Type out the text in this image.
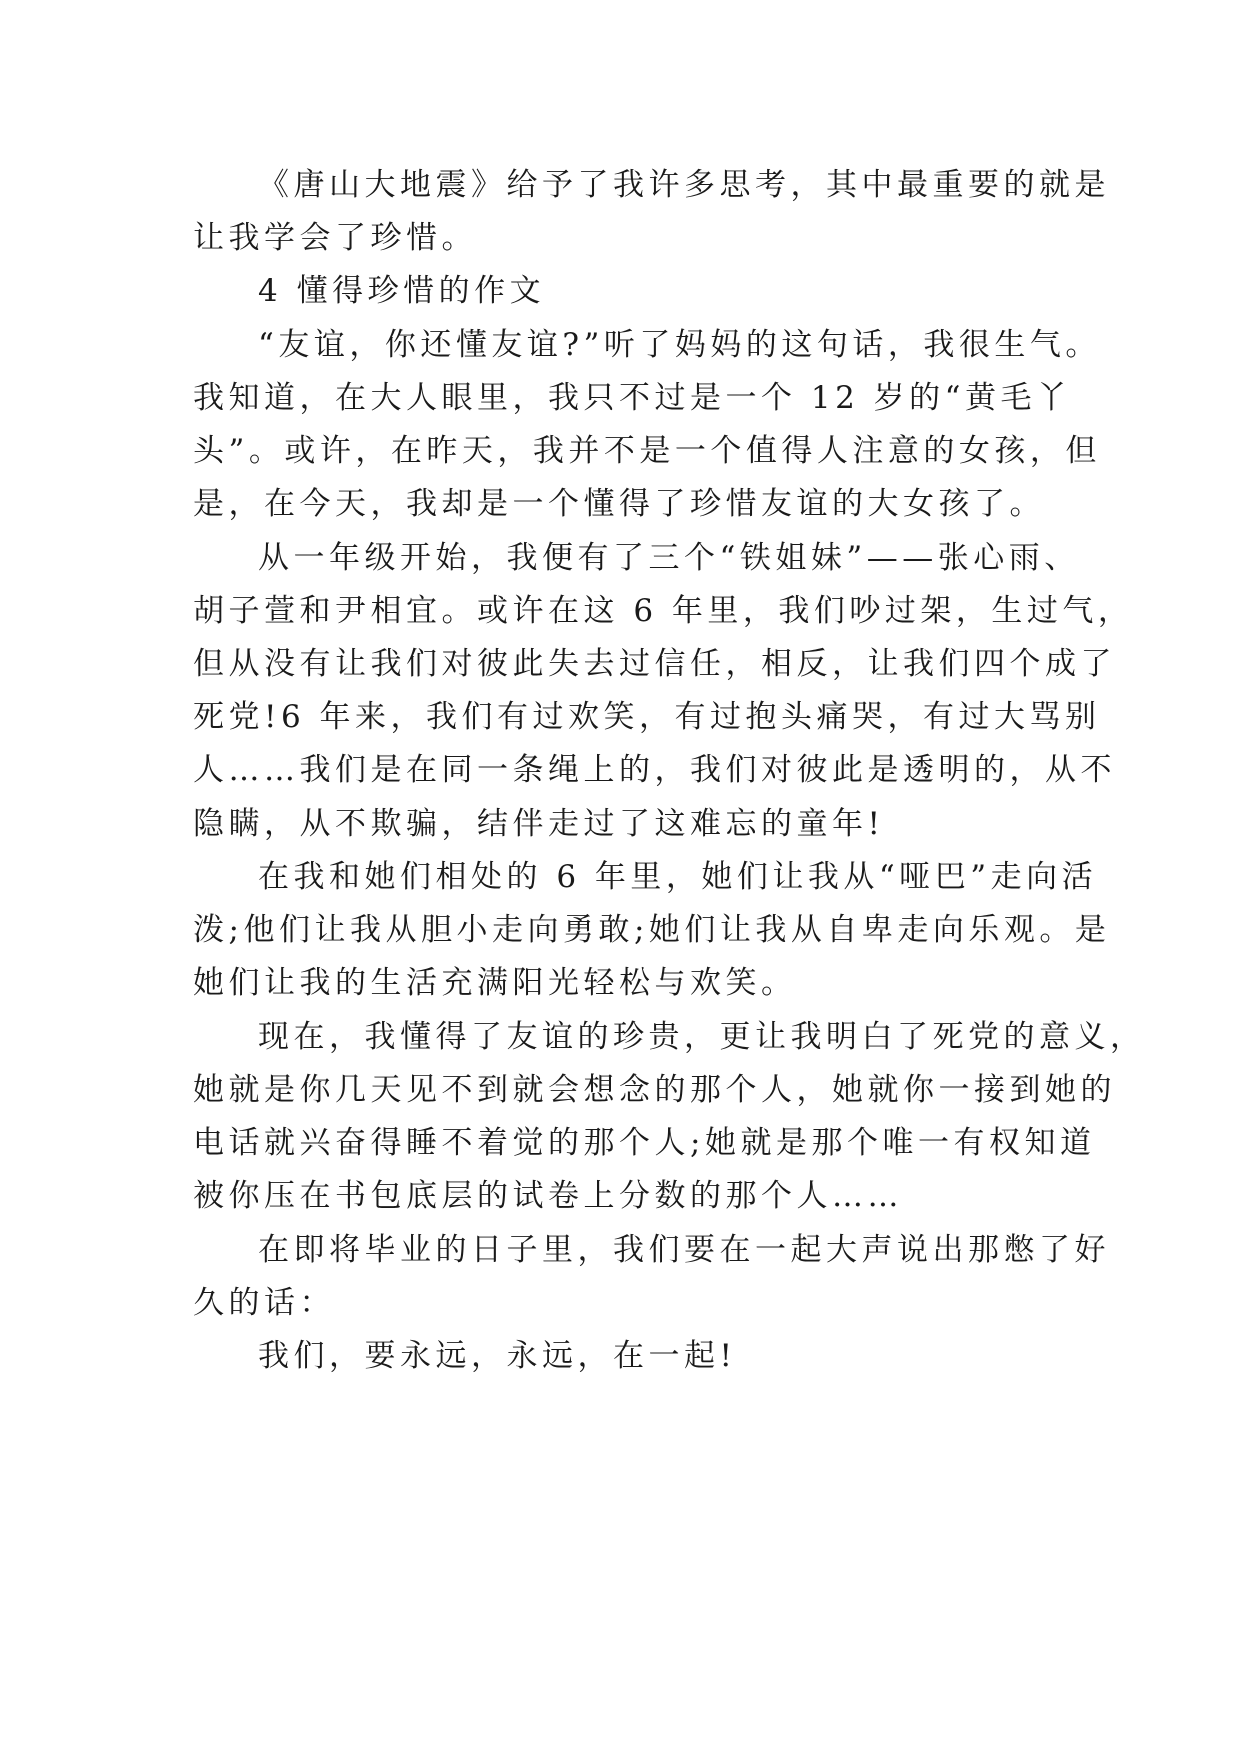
《唐山大地震》给予了我许多思考，其中最重要的就是
让我学会了珍惜。
4 懂得珍惜的作文
“友谊，你还懂友谊?”听了妈妈的这句话，我很生气。
我知道，在大人眼里，我只不过是一个 12 岁的“黄毛丫
头”。或许，在昨天，我并不是一个值得人注意的女孩，但
是，在今天，我却是一个懂得了珍惜友谊的大女孩了。
从一年级开始，我便有了三个“铁姐妹”——张心雨、
胡子萱和尹相宜。或许在这 6 年里，我们吵过架，生过气，
但从没有让我们对彼此失去过信任，相反，让我们四个成了
死党!6 年来，我们有过欢笑，有过抱头痛哭，有过大骂别
人……我们是在同一条绳上的，我们对彼此是透明的，从不
隐瞒，从不欺骗，结伴走过了这难忘的童年!
在我和她们相处的 6 年里，她们让我从“哑巴”走向活
泼;他们让我从胆小走向勇敢;她们让我从自卑走向乐观。是
她们让我的生活充满阳光轻松与欢笑。
现在，我懂得了友谊的珍贵，更让我明白了死党的意义，
她就是你几天见不到就会想念的那个人，她就你一接到她的
电话就兴奋得睡不着觉的那个人;她就是那个唯一有权知道
被你压在书包底层的试卷上分数的那个人……
在即将毕业的日子里，我们要在一起大声说出那憋了好
久的话：
我们，要永远，永远，在一起!
